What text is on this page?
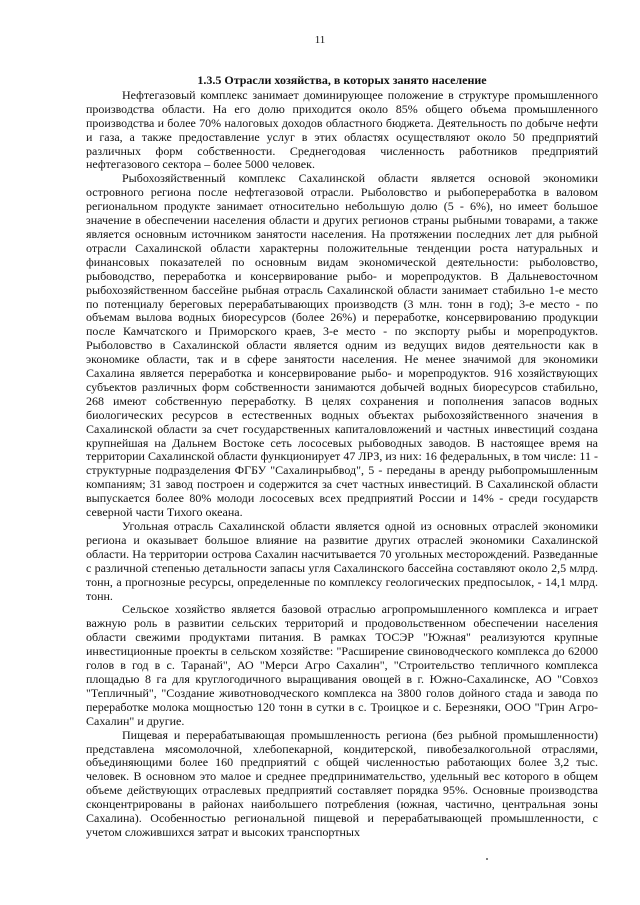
11
1.3.5 Отрасли хозяйства, в которых занято население

Нефтегазовый комплекс занимает доминирующее положение в структуре промышленного производства области. На его долю приходится около 85% общего объема промышленного производства и более 70% налоговых доходов областного бюджета. Деятельность по добыче нефти и газа, а также предоставление услуг в этих областях осуществляют около 50 предприятий различных форм собственности. Среднегодовая численность работников предприятий нефтегазового сектора – более 5000 человек.

Рыбохозяйственный комплекс Сахалинской области является основой экономики островного региона после нефтегазовой отрасли. Рыболовство и рыбопереработка в валовом региональном продукте занимает относительно небольшую долю (5 - 6%), но имеет большое значение в обеспечении населения области и других регионов страны рыбными товарами, а также является основным источником занятости населения. На протяжении последних лет для рыбной отрасли Сахалинской области характерны положительные тенденции роста натуральных и финансовых показателей по основным видам экономической деятельности: рыболовство, рыбоводство, переработка и консервирование рыбо- и морепродуктов. В Дальневосточном рыбохозяйственном бассейне рыбная отрасль Сахалинской области занимает стабильно 1-е место по потенциалу береговых перерабатывающих производств (3 млн. тонн в год); 3-е место - по объемам вылова водных биоресурсов (более 26%) и переработке, консервированию продукции после Камчатского и Приморского краев, 3-е место - по экспорту рыбы и морепродуктов. Рыболовство в Сахалинской области является одним из ведущих видов деятельности как в экономике области, так и в сфере занятости населения. Не менее значимой для экономики Сахалина является переработка и консервирование рыбо- и морепродуктов. 916 хозяйствующих субъектов различных форм собственности занимаются добычей водных биоресурсов стабильно, 268 имеют собственную переработку. В целях сохранения и пополнения запасов водных биологических ресурсов в естественных водных объектах рыбохозяйственного значения в Сахалинской области за счет государственных капиталовложений и частных инвестиций создана крупнейшая на Дальнем Востоке сеть лососевых рыбоводных заводов. В настоящее время на территории Сахалинской области функционирует 47 ЛРЗ, из них: 16 федеральных, в том числе: 11 - структурные подразделения ФГБУ "Сахалинрыбвод", 5 - переданы в аренду рыбопромышленным компаниям; 31 завод построен и содержится за счет частных инвестиций. В Сахалинской области выпускается более 80% молоди лососевых всех предприятий России и 14% - среди государств северной части Тихого океана.

Угольная отрасль Сахалинской области является одной из основных отраслей экономики региона и оказывает большое влияние на развитие других отраслей экономики Сахалинской области. На территории острова Сахалин насчитывается 70 угольных месторождений. Разведанные с различной степенью детальности запасы угля Сахалинского бассейна составляют около 2,5 млрд. тонн, а прогнозные ресурсы, определенные по комплексу геологических предпосылок, - 14,1 млрд. тонн.

Сельское хозяйство является базовой отраслью агропромышленного комплекса и играет важную роль в развитии сельских территорий и продовольственном обеспечении населения области свежими продуктами питания. В рамках ТОСЭР "Южная" реализуются крупные инвестиционные проекты в сельском хозяйстве: "Расширение свиноводческого комплекса до 62000 голов в год в с. Таранай", АО "Мерси Агро Сахалин", "Строительство тепличного комплекса площадью 8 га для круглогодичного выращивания овощей в г. Южно-Сахалинске, АО "Совхоз "Тепличный", "Создание животноводческого комплекса на 3800 голов дойного стада и завода по переработке молока мощностью 120 тонн в сутки в с. Троицкое и с. Березняки, ООО "Грин Агро-Сахалин" и другие.

Пищевая и перерабатывающая промышленность региона (без рыбной промышленности) представлена мясомолочной, хлебопекарной, кондитерской, пивобезалкогольной отраслями, объединяющими более 160 предприятий с общей численностью работающих более 3,2 тыс. человек. В основном это малое и среднее предпринимательство, удельный вес которого в общем объеме действующих отраслевых предприятий составляет порядка 95%. Основные производства сконцентрированы в районах наибольшего потребления (южная, частично, центральная зоны Сахалина). Особенностью региональной пищевой и перерабатывающей промышленности, с учетом сложившихся затрат и высоких транспортных
